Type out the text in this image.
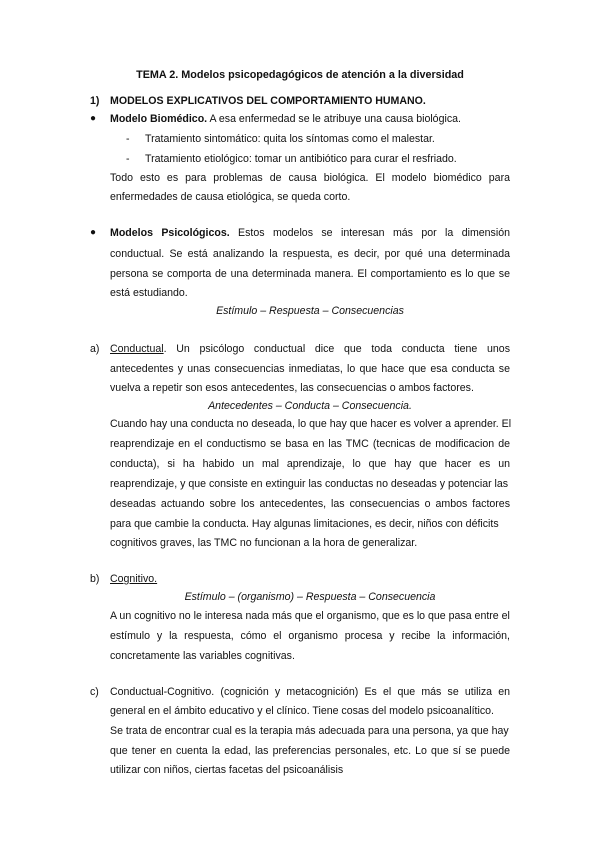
TEMA 2. Modelos psicopedagógicos de atención a la diversidad
1) MODELOS EXPLICATIVOS DEL COMPORTAMIENTO HUMANO.
● Modelo Biomédico. A esa enfermedad se le atribuye una causa biológica.
- Tratamiento sintomático: quita los síntomas como el malestar.
- Tratamiento etiológico: tomar un antibiótico para curar el resfriado.
Todo esto es para problemas de causa biológica. El modelo biomédico para
enfermedades de causa etiológica, se queda corto.
● Modelos Psicológicos. Estos modelos se interesan más por la dimensión
conductual. Se está analizando la respuesta, es decir, por qué una determinada
persona se comporta de una determinada manera. El comportamiento es lo que se
está estudiando.
Estímulo – Respuesta – Consecuencias
a) Conductual. Un psicólogo conductual dice que toda conducta tiene unos
antecedentes y unas consecuencias inmediatas, lo que hace que esa conducta se
vuelva a repetir son esos antecedentes, las consecuencias o ambos factores.
Antecedentes – Conducta – Consecuencia.
Cuando hay una conducta no deseada, lo que hay que hacer es volver a aprender. El
reaprendizaje en el conductismo se basa en las TMC (tecnicas de modificacion de
conducta), si ha habido un mal aprendizaje, lo que hay que hacer es un
reaprendizaje, y que consiste en extinguir las conductas no deseadas y potenciar las
deseadas actuando sobre los antecedentes, las consecuencias o ambos factores
para que cambie la conducta. Hay algunas limitaciones, es decir, niños con déficits
cognitivos graves, las TMC no funcionan a la hora de generalizar.
b) Cognitivo.
Estímulo – (organismo) – Respuesta – Consecuencia
A un cognitivo no le interesa nada más que el organismo, que es lo que pasa entre el
estímulo y la respuesta, cómo el organismo procesa y recibe la información,
concretamente las variables cognitivas.
c) Conductual-Cognitivo. (cognición y metacognición) Es el que más se utiliza en
general en el ámbito educativo y el clínico. Tiene cosas del modelo psicoanalítico.
Se trata de encontrar cual es la terapia más adecuada para una persona, ya que hay
que tener en cuenta la edad, las preferencias personales, etc. Lo que sí se puede
utilizar con niños, ciertas facetas del psicoanálisis
